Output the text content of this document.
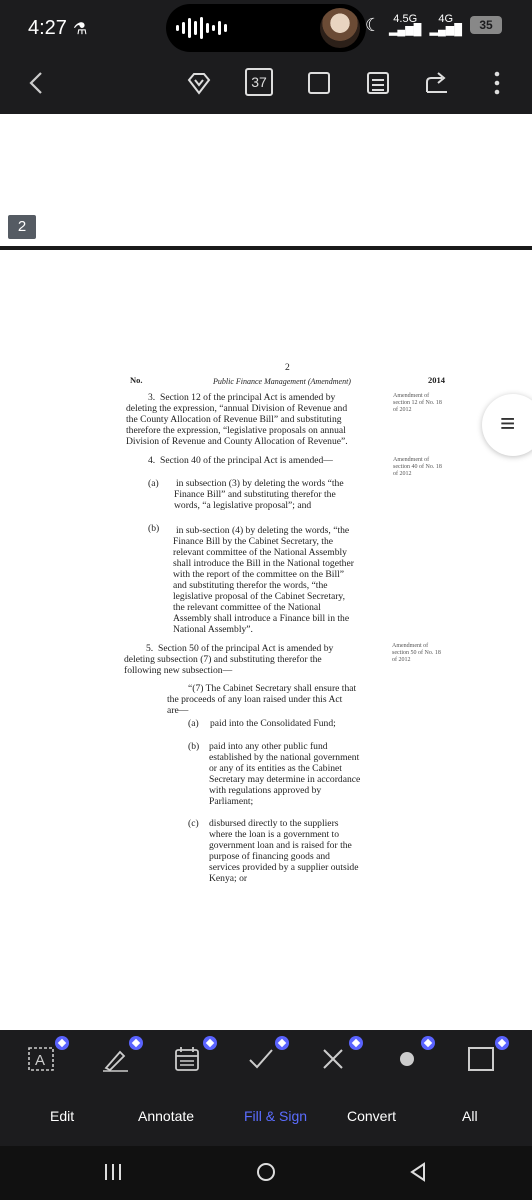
4:27 ⚗	☾	4.5G
▂▄▆█
4G
▂▄▆█	35
37
2
2
No.	Public Finance Management (Amendment)	2014
3.  Section 12 of the principal Act is amended by
deleting the expression, “annual Division of Revenue and
the County Allocation of Revenue Bill” and substituting
therefore the expression, “legislative proposals on annual
Division of Revenue and County Allocation of Revenue”.
Amendment of
section 12 of No. 18
of 2012
4.  Section 40 of the principal Act is amended—	Amendment of
section 40 of No. 18
of 2012
(a) in subsection (3) by deleting the words “the
Finance Bill” and substituting therefor the
words, “a legislative proposal”; and
(b) in sub-section (4) by deleting the words, “the
Finance Bill by the Cabinet Secretary, the
relevant committee of the National Assembly
shall introduce the Bill in the National together
with the report of the committee on the Bill”
and substituting therefor the words, “the
legislative proposal of the Cabinet Secretary,
the relevant committee of the National
Assembly shall introduce a Finance bill in the
National Assembly”.
5.  Section 50 of the principal Act is amended by
deleting subsection (7) and substituting therefor the
following new subsection—
Amendment of
section 50 of No. 18
of 2012
“(7) The Cabinet Secretary shall ensure that
the proceeds of any loan raised under this Act
are—
(a) paid into the Consolidated Fund;
(b) paid into any other public fund
established by the national government
or any of its entities as the Cabinet
Secretary may determine in accordance
with regulations approved by
Parliament;
(c) disbursed directly to the suppliers
where the loan is a government to
government loan and is raised for the
purpose of financing goods and
services provided by a supplier outside
Kenya; or
≡
A
Edit	Annotate	Fill & Sign	Convert	All
